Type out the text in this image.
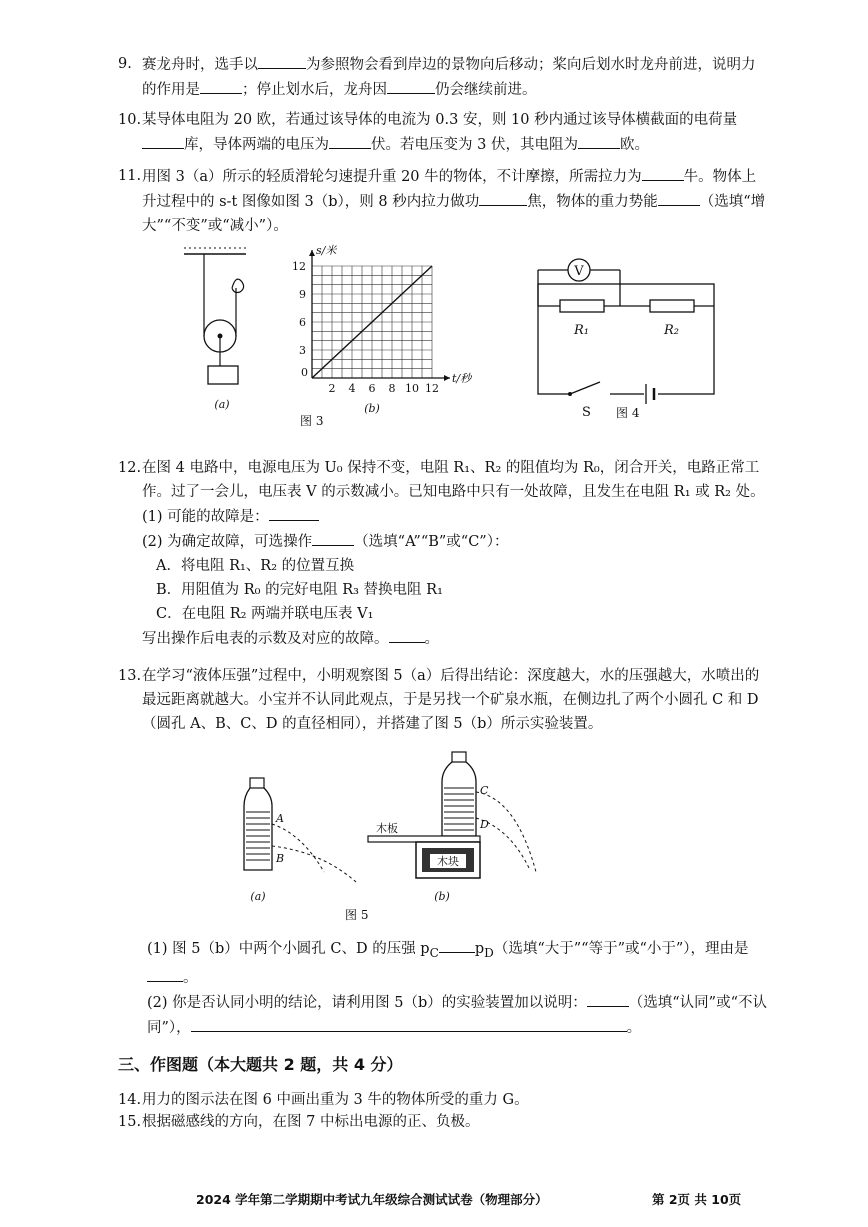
9. 赛龙舟时，选手以	为参照物会看到岸边的景物向后移动；桨向后划水时龙舟前进，说明力的作用是	；停止划水后，龙舟因	仍会继续前进。
10. 某导体电阻为 20 欧，若通过该导体的电流为 0.3 安，则 10 秒内通过该导体横截面的电荷量库，导体两端的电压为	伏。若电压变为 3 伏，其电阻为	欧。
11. 用图 3（a）所示的轻质滑轮匀速提升重 20 牛的物体，不计摩擦，所需拉力为	牛。物体上升过程中的 s-t 图像如图 3（b），则 8 秒内拉力做功	焦，物体的重力势能	（选填“增大”“不变”或“减小”）。
(a)
0
2 4 6 8 10 12
3
6
9
12
t/秒
s/米
(b)
图 3
V
R₁	R₂
S 图 4
12. 在图 4 电路中，电源电压为 U₀ 保持不变，电阻 R₁、R₂ 的阻值均为 R₀，闭合开关，电路正常工作。过了一会儿，电压表 V 的示数减小。已知电路中只有一处故障，且发生在电阻 R₁ 或 R₂ 处。
(1) 可能的故障是：
(2) 为确定故障，可选操作	（选填“A”“B”或“C”）：
A．将电阻 R₁、R₂ 的位置互换
B．用阻值为 R₀ 的完好电阻 R₃ 替换电阻 R₁
C．在电阻 R₂ 两端并联电压表 V₁
写出操作后电表的示数及对应的故障。 。
13. 在学习“液体压强”过程中，小明观察图 5（a）后得出结论：深度越大，水的压强越大，水喷出的最远距离就越大。小宝并不认同此观点，于是另找一个矿泉水瓶，在侧边扎了两个小圆孔 C 和 D（圆孔 A、B、C、D 的直径相同），并搭建了图 5（b）所示实验装置。
A
B
(a)
C
D
木块
木板
(b)
图 5
(1) 图 5（b）中两个小圆孔 C、D 的压强 $p_C$ $p_D$（选填“大于”“等于”或“小于”），理由是。
(2) 你是否认同小明的结论，请利用图 5（b）的实验装置加以说明：	（选填“认同”或“不认同”），	。
三、作图题（本大题共 2 题，共 4 分）
14. 用力的图示法在图 6 中画出重为 3 牛的物体所受的重力 G。
15. 根据磁感线的方向，在图 7 中标出电源的正、负极。
2024 学年第二学期期中考试九年级综合测试试卷（物理部分）	第 2页 共 10页
